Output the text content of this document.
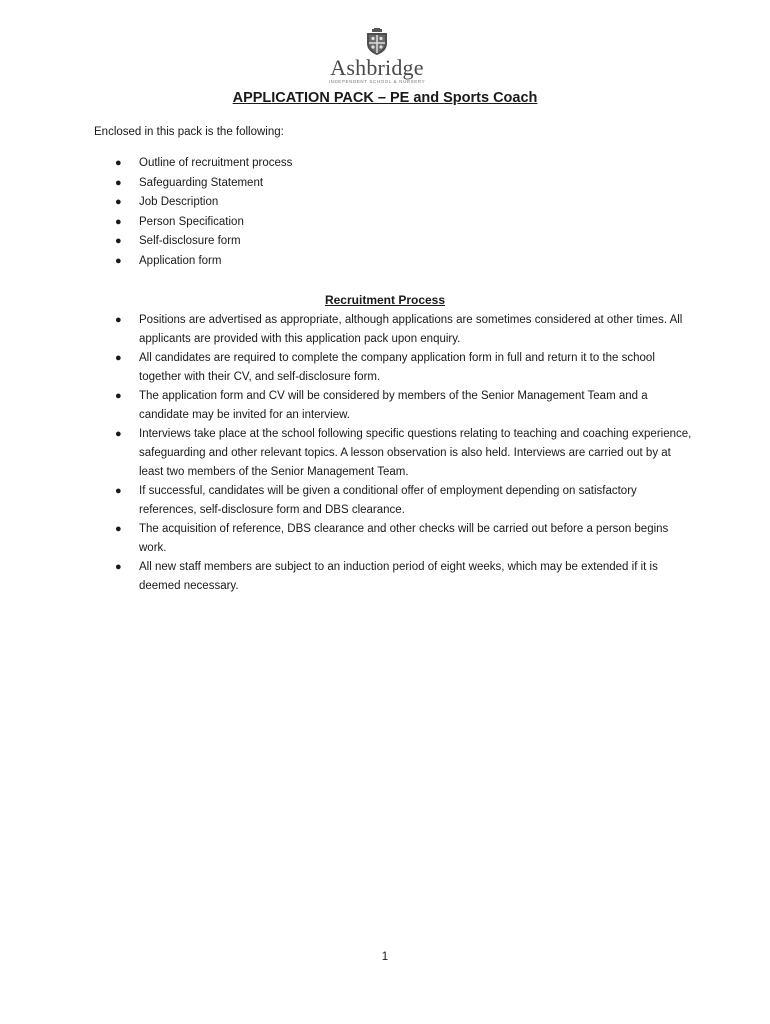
Ashbridge
INDEPENDENT SCHOOL & NURSERY
APPLICATION PACK – PE and Sports Coach
Enclosed in this pack is the following:
● Outline of recruitment process
● Safeguarding Statement
● Job Description
● Person Specification
● Self-disclosure form
● Application form
Recruitment Process
● Positions are advertised as appropriate, although applications are sometimes considered at other times. All applicants are provided with this application pack upon enquiry.
● All candidates are required to complete the company application form in full and return it to the school together with their CV, and self-disclosure form.
● The application form and CV will be considered by members of the Senior Management Team and a candidate may be invited for an interview.
● Interviews take place at the school following specific questions relating to teaching and coaching experience, safeguarding and other relevant topics. A lesson observation is also held. Interviews are carried out by at least two members of the Senior Management Team.
● If successful, candidates will be given a conditional offer of employment depending on satisfactory references, self-disclosure form and DBS clearance.
● The acquisition of reference, DBS clearance and other checks will be carried out before a person begins work.
● All new staff members are subject to an induction period of eight weeks, which may be extended if it is deemed necessary.
1
